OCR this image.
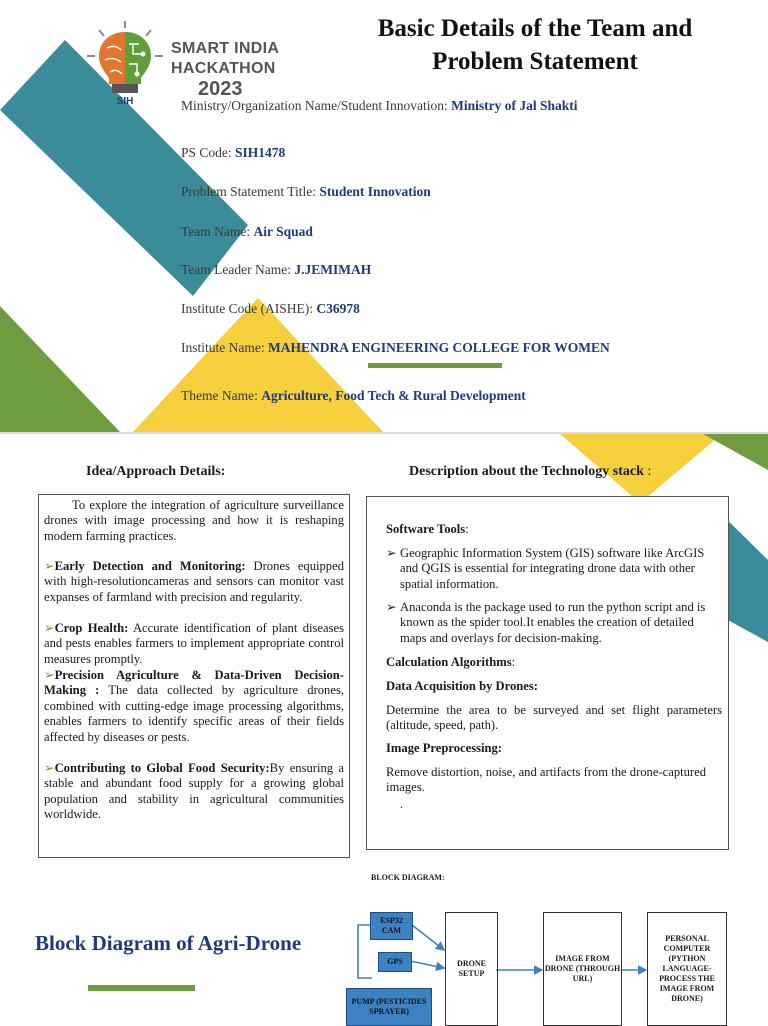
SIH
SMART INDIA
HACKATHON
2023
Basic Details of the Team and
Problem Statement
Ministry/Organization Name/Student Innovation: Ministry of Jal Shakti
PS Code: SIH1478
Problem Statement Title: Student Innovation
Team Name: Air Squad
Team Leader Name: J.JEMIMAH
Institute Code (AISHE): C36978
Institute Name: MAHENDRA ENGINEERING COLLEGE FOR WOMEN
Theme Name: Agriculture, Food Tech & Rural Development
Idea/Approach Details:	Description about the Technology stack :
To explore the integration of agriculture surveillance drones with image processing and how it is reshaping modern farming practices.
➢Early Detection and Monitoring: Drones equipped with high-resolutioncameras and sensors can monitor vast expanses of farmland with precision and regularity.
➢Crop Health: Accurate identification of plant diseases and pests enables farmers to implement appropriate control measures promptly.
➢Precision Agriculture & Data-Driven Decision-Making : The data collected by agriculture drones, combined with cutting-edge image processing algorithms, enables farmers to identify specific areas of their fields affected by diseases or pests.
➢Contributing to Global Food Security:By ensuring a stable and abundant food supply for a growing global population and stability in agricultural communities worldwide.
Software Tools:
➢ Geographic Information System (GIS) software like ArcGIS and QGIS is essential for integrating drone data with other spatial information.
➢ Anaconda is the package used to run the python script and is known as the spider tool.It enables the creation of detailed maps and overlays for decision-making.
Calculation Algorithms:
Data Acquisition by Drones:
Determine the area to be surveyed and set flight parameters (altitude, speed, path).
Image Preprocessing:
Remove distortion, noise, and artifacts from the drone-captured images.
.
BLOCK DIAGRAM:
Block Diagram of Agri-Drone
ESP32 CAM
GPS
PUMP (PESTICIDES SPRAYER)
DRONE SETUP
IMAGE FROM DRONE (THROUGH URL)
PERSONAL COMPUTER (PYTHON LANGUAGE- PROCESS THE IMAGE FROM DRONE)
